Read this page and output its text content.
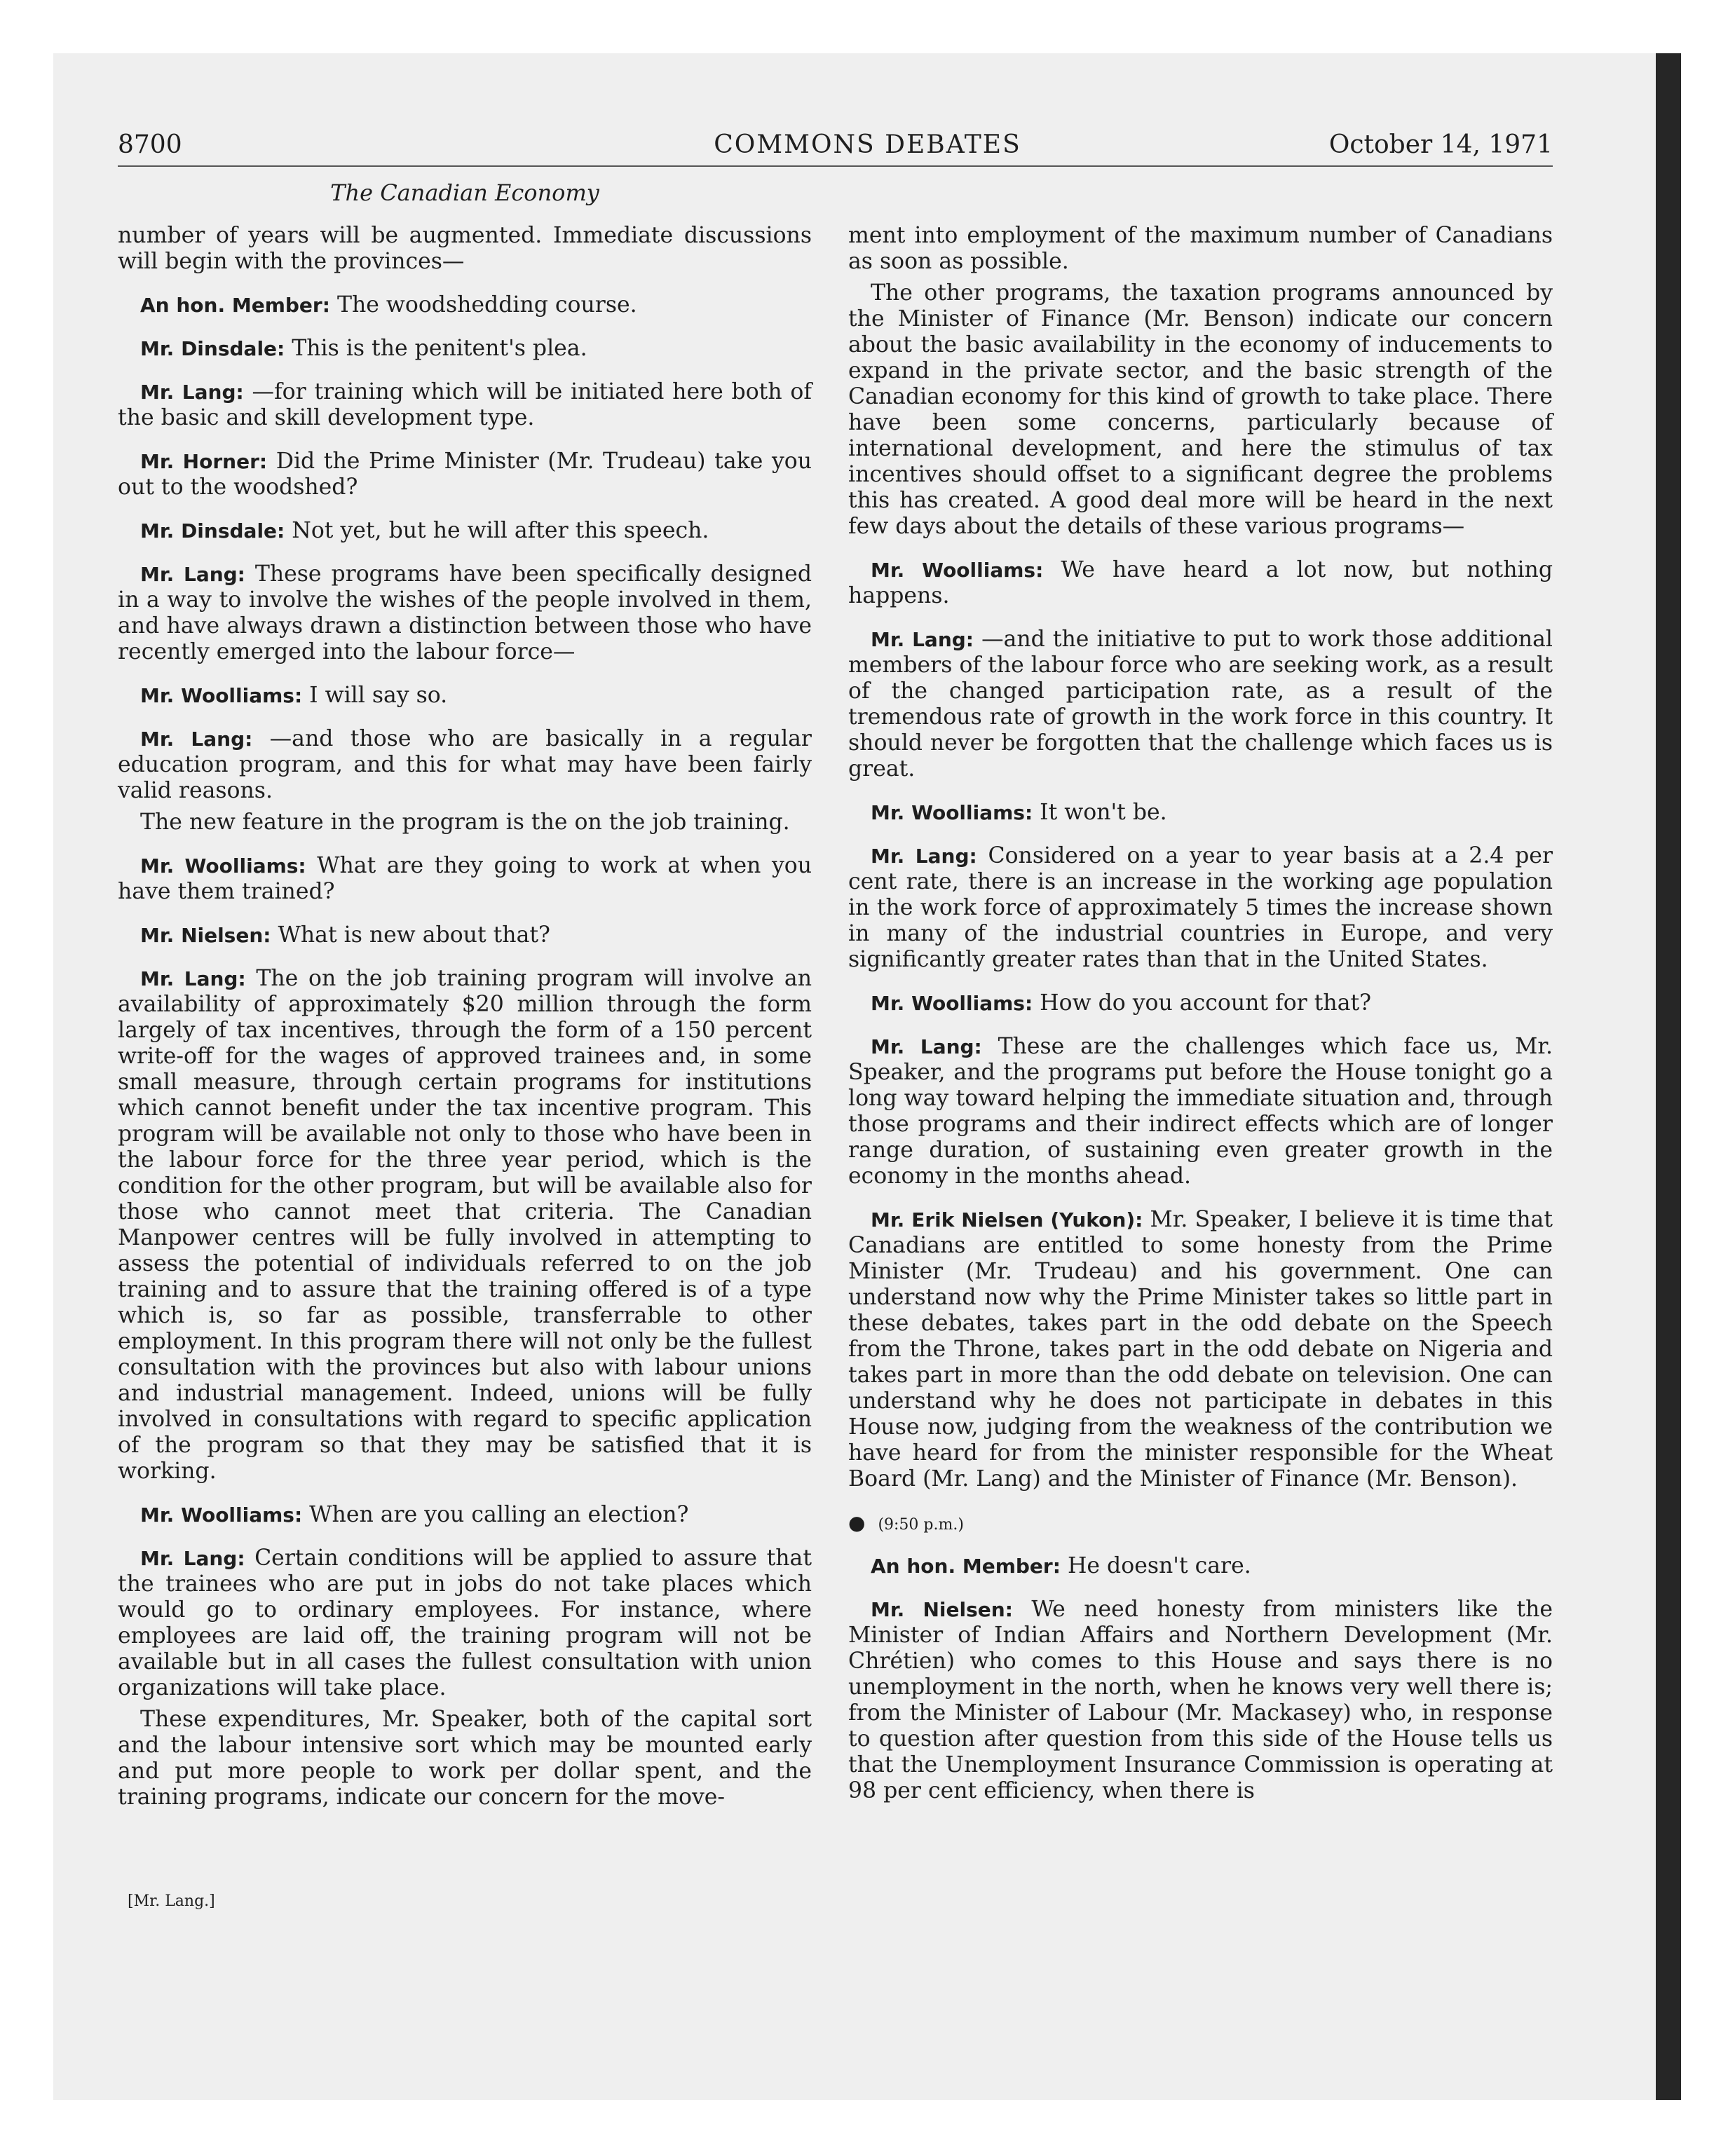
8700	COMMONS DEBATES	October 14, 1971
The Canadian Economy

number of years will be augmented. Immediate discussions will begin with the provinces—

An hon. Member: The woodshedding course.

Mr. Dinsdale: This is the penitent's plea.

Mr. Lang: —for training which will be initiated here both of the basic and skill development type.

Mr. Horner: Did the Prime Minister (Mr. Trudeau) take you out to the woodshed?

Mr. Dinsdale: Not yet, but he will after this speech.

Mr. Lang: These programs have been specifically designed in a way to involve the wishes of the people involved in them, and have always drawn a distinction between those who have recently emerged into the labour force—

Mr. Woolliams: I will say so.

Mr. Lang: —and those who are basically in a regular education program, and this for what may have been fairly valid reasons.

The new feature in the program is the on the job training.

Mr. Woolliams: What are they going to work at when you have them trained?

Mr. Nielsen: What is new about that?

Mr. Lang: The on the job training program will involve an availability of approximately $20 million through the form largely of tax incentives, through the form of a 150 percent write-off for the wages of approved trainees and, in some small measure, through certain programs for institutions which cannot benefit under the tax incentive program. This program will be available not only to those who have been in the labour force for the three year period, which is the condition for the other program, but will be available also for those who cannot meet that criteria. The Canadian Manpower centres will be fully involved in attempting to assess the potential of individuals referred to on the job training and to assure that the training offered is of a type which is, so far as possible, transferrable to other employment. In this program there will not only be the fullest consultation with the provinces but also with labour unions and industrial management. Indeed, unions will be fully involved in consultations with regard to specific application of the program so that they may be satisfied that it is working.

Mr. Woolliams: When are you calling an election?

Mr. Lang: Certain conditions will be applied to assure that the trainees who are put in jobs do not take places which would go to ordinary employees. For instance, where employees are laid off, the training program will not be available but in all cases the fullest consultation with union organizations will take place.

These expenditures, Mr. Speaker, both of the capital sort and the labour intensive sort which may be mounted early and put more people to work per dollar spent, and the training programs, indicate our concern for the move-

ment into employment of the maximum number of Canadians as soon as possible.

The other programs, the taxation programs announced by the Minister of Finance (Mr. Benson) indicate our concern about the basic availability in the economy of inducements to expand in the private sector, and the basic strength of the Canadian economy for this kind of growth to take place. There have been some concerns, particularly because of international development, and here the stimulus of tax incentives should offset to a significant degree the problems this has created. A good deal more will be heard in the next few days about the details of these various programs—

Mr. Woolliams: We have heard a lot now, but nothing happens.

Mr. Lang: —and the initiative to put to work those additional members of the labour force who are seeking work, as a result of the changed participation rate, as a result of the tremendous rate of growth in the work force in this country. It should never be forgotten that the challenge which faces us is great.

Mr. Woolliams: It won't be.

Mr. Lang: Considered on a year to year basis at a 2.4 per cent rate, there is an increase in the working age population in the work force of approximately 5 times the increase shown in many of the industrial countries in Europe, and very significantly greater rates than that in the United States.

Mr. Woolliams: How do you account for that?

Mr. Lang: These are the challenges which face us, Mr. Speaker, and the programs put before the House tonight go a long way toward helping the immediate situation and, through those programs and their indirect effects which are of longer range duration, of sustaining even greater growth in the economy in the months ahead.

Mr. Erik Nielsen (Yukon): Mr. Speaker, I believe it is time that Canadians are entitled to some honesty from the Prime Minister (Mr. Trudeau) and his government. One can understand now why the Prime Minister takes so little part in these debates, takes part in the odd debate on the Speech from the Throne, takes part in the odd debate on Nigeria and takes part in more than the odd debate on television. One can understand why he does not participate in debates in this House now, judging from the weakness of the contribution we have heard for from the minister responsible for the Wheat Board (Mr. Lang) and the Minister of Finance (Mr. Benson).

● (9:50 p.m.)

An hon. Member: He doesn't care.

Mr. Nielsen: We need honesty from ministers like the Minister of Indian Affairs and Northern Development (Mr. Chrétien) who comes to this House and says there is no unemployment in the north, when he knows very well there is; from the Minister of Labour (Mr. Mackasey) who, in response to question after question from this side of the House tells us that the Unemployment Insurance Commission is operating at 98 per cent efficiency, when there is

[Mr. Lang.]
